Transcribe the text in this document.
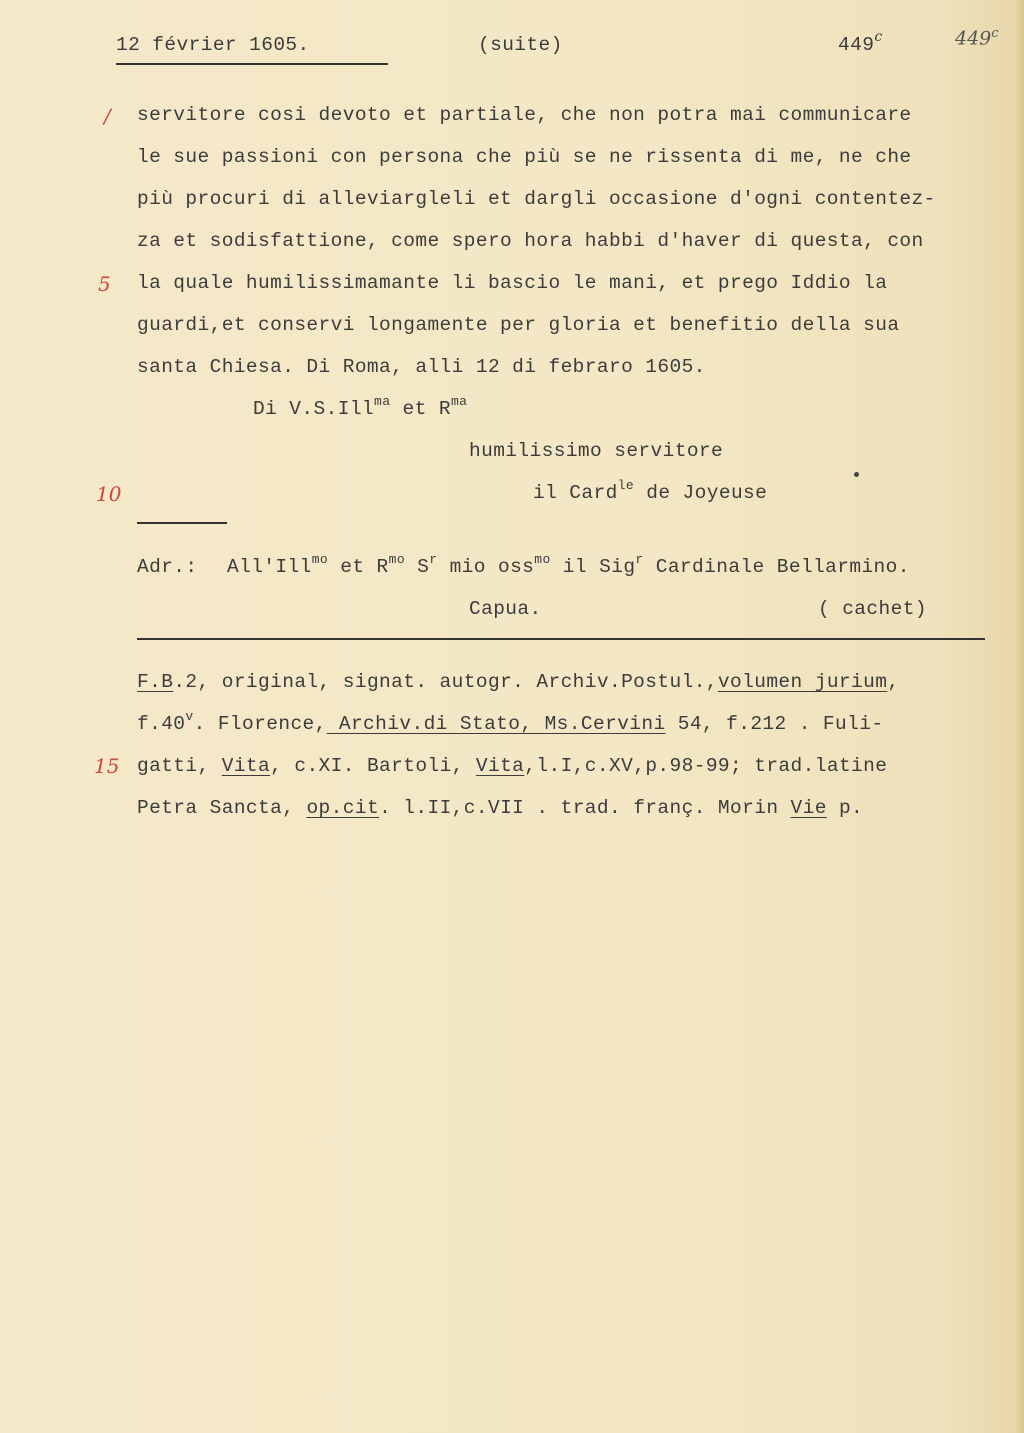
12 février 1605.	(suite)	449$^c$	449$^c$
/
5
10
15
servitore cosi devoto et partiale, che non potra mai communicare
le sue passioni con persona che più se ne rissenta di me, ne che
più procuri di alleviargleli et dargli occasione d'ogni contentez-
za et sodisfattione, come spero hora habbi d'haver di questa, con
la quale humilissimamante li bascio le mani, et prego Iddio la
guardi,et conservi longamente per gloria et benefitio della sua
santa Chiesa. Di Roma, alli 12 di febraro 1605.
Di V.S.Ill$^{ma}$ et $R^{ma}$
humilissimo servitore
il Card$^{le}$ de Joyeuse
Adr.: All'Ill$^{mo}$ et $R^{mo}$ $S^r$ mio oss$^{mo}$ il Sig$^r$ Cardinale Bellarmino.
Capua.	( cachet)
F.B.2, original, signat. autogr. Archiv.Postul.,volumen jurium,
f.40$^v$. Florence, Archiv.di Stato, Ms.Cervini 54, f.212 . Fuli-
gatti, Vita, c.XI. Bartoli, Vita,l.I,c.XV,p.98-99; trad.latine
Petra Sancta, op.cit. l.II,c.VII . trad. franç. Morin Vie p.
